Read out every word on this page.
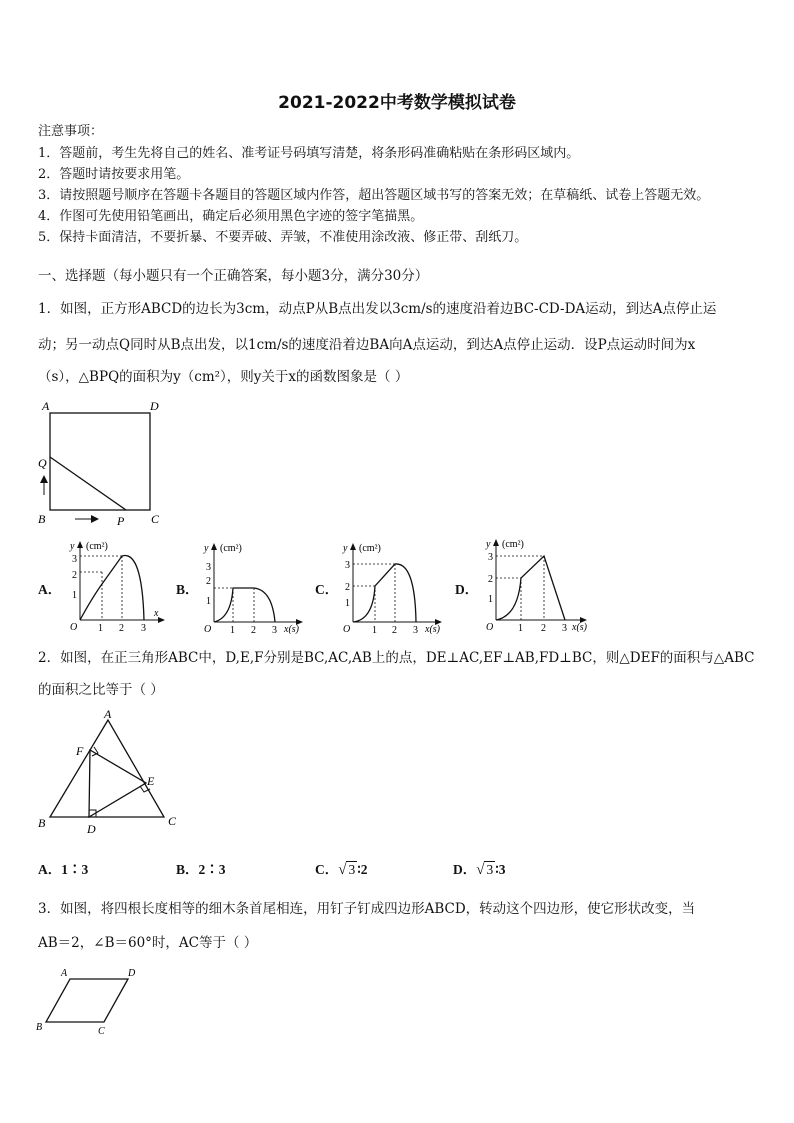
2021-2022中考数学模拟试卷
注意事项：
1．答题前，考生先将自己的姓名、准考证号码填写清楚，将条形码准确粘贴在条形码区域内。
2．答题时请按要求用笔。
3．请按照题号顺序在答题卡各题目的答题区域内作答，超出答题区域书写的答案无效；在草稿纸、试卷上答题无效。
4．作图可先使用铅笔画出，确定后必须用黑色字迹的签字笔描黑。
5．保持卡面清洁，不要折暴、不要弄破、弄皱，不准使用涂改液、修正带、刮纸刀。
一、选择题（每小题只有一个正确答案，每小题3分，满分30分）
1．如图，正方形ABCD的边长为3cm，动点P从B点出发以3cm/s的速度沿着边BC-CD-DA运动，到达A点停止运
动；另一动点Q同时从B点出发，以1cm/s的速度沿着边BA向A点运动，到达A点停止运动．设P点运动时间为x
（s），△BPQ的面积为y（cm²），则y关于x的函数图象是（ ）
A	D
Q
B	P C
A．	B．	C．	D．
y (cm²)
3
2
1
O 1 2 3
x
y (cm²)
3
2
1
O 1 2 3 x(s)
y (cm²)
3
2
1
O 1 2 3 x(s)
y (cm²)
3
2
1
O 1 2 3 x(s)
2．如图，在正三角形ABC中，D,E,F分别是BC,AC,AB上的点，DE⊥AC,EF⊥AB,FD⊥BC，则△DEF的面积与△ABC
的面积之比等于（ ）
A
F
E
B	D
C
A．1∶3	B．2∶3	C．√ 3 ∶2	D．√ 3 ∶3
3．如图，将四根长度相等的细木条首尾相连，用钉子钉成四边形ABCD，转动这个四边形，使它形状改变，当
AB＝2，∠B＝60°时，AC等于（ ）
A	D
B	C
